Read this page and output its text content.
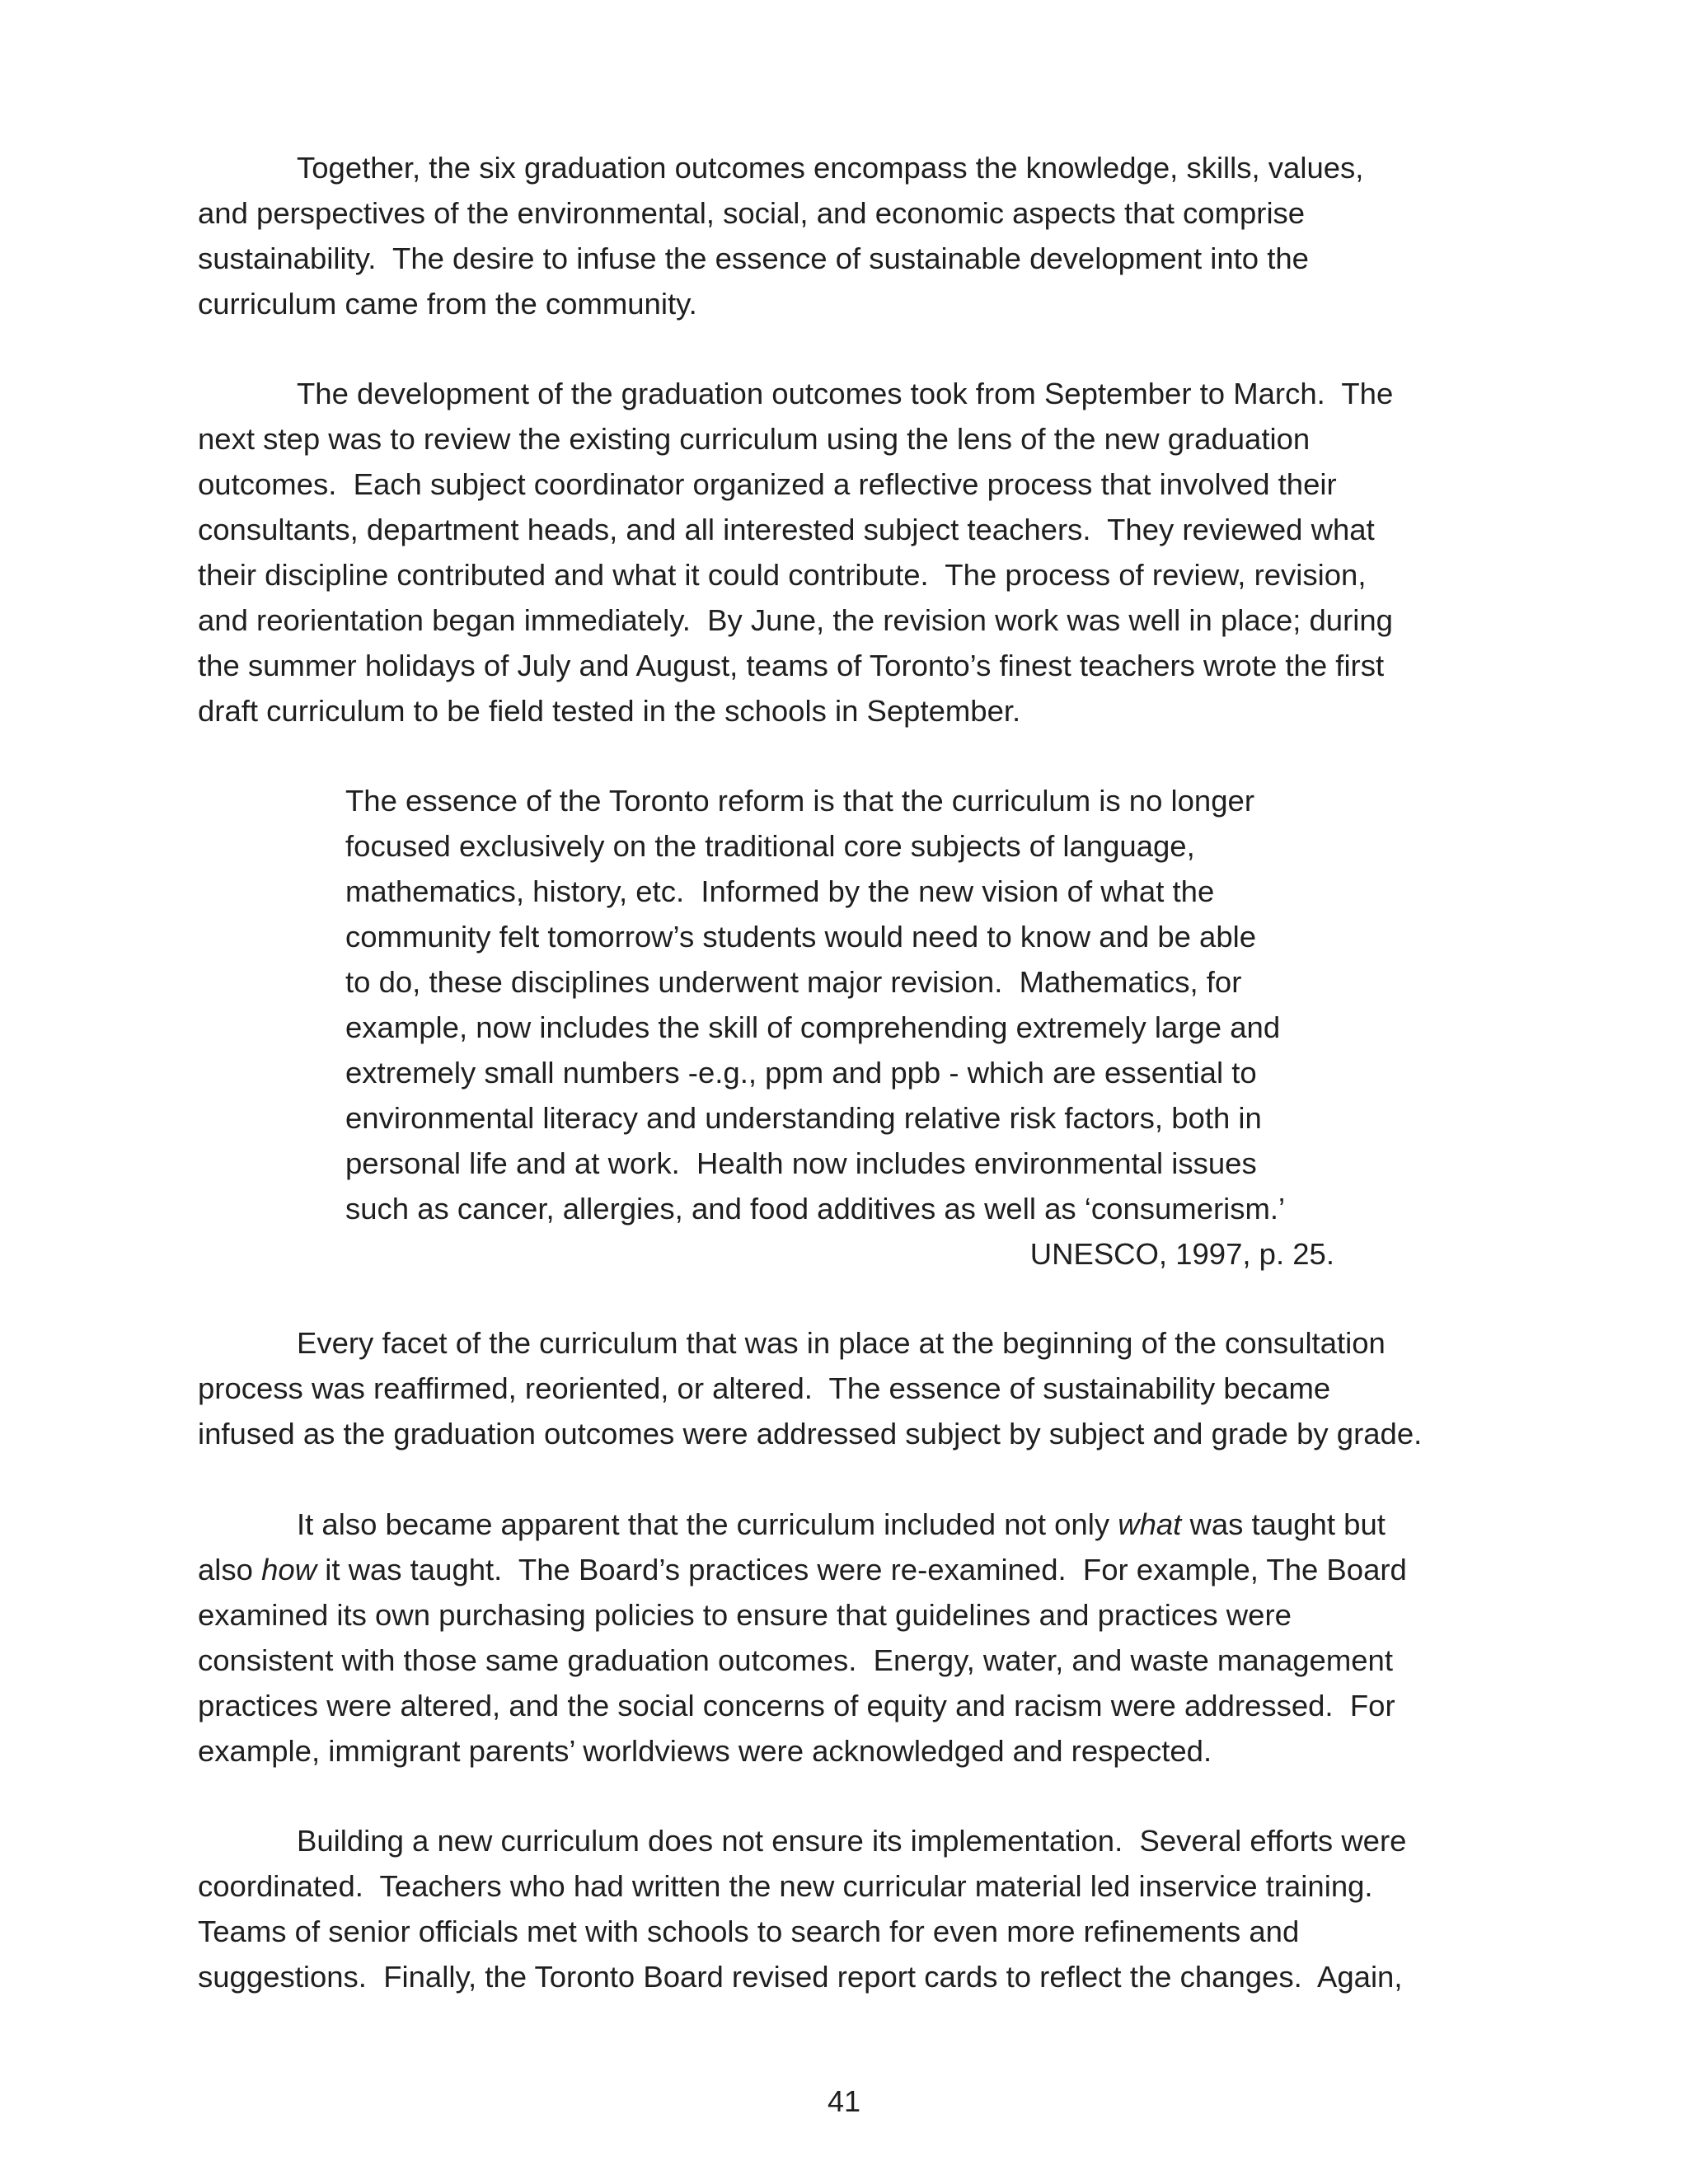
Together, the six graduation outcomes encompass the knowledge, skills, values,
and perspectives of the environmental, social, and economic aspects that comprise
sustainability.  The desire to infuse the essence of sustainable development into the
curriculum came from the community.
The development of the graduation outcomes took from September to March.  The
next step was to review the existing curriculum using the lens of the new graduation
outcomes.  Each subject coordinator organized a reflective process that involved their
consultants, department heads, and all interested subject teachers.  They reviewed what
their discipline contributed and what it could contribute.  The process of review, revision,
and reorientation began immediately.  By June, the revision work was well in place; during
the summer holidays of July and August, teams of Toronto’s finest teachers wrote the first
draft curriculum to be field tested in the schools in September.
The essence of the Toronto reform is that the curriculum is no longer
focused exclusively on the traditional core subjects of language,
mathematics, history, etc.  Informed by the new vision of what the
community felt tomorrow’s students would need to know and be able
to do, these disciplines underwent major revision.  Mathematics, for
example, now includes the skill of comprehending extremely large and
extremely small numbers -e.g., ppm and ppb - which are essential to
environmental literacy and understanding relative risk factors, both in
personal life and at work.  Health now includes environmental issues
such as cancer, allergies, and food additives as well as ‘consumerism.’
UNESCO, 1997, p. 25.
Every facet of the curriculum that was in place at the beginning of the consultation
process was reaffirmed, reoriented, or altered.  The essence of sustainability became
infused as the graduation outcomes were addressed subject by subject and grade by grade.
It also became apparent that the curriculum included not only what was taught but
also how it was taught.  The Board’s practices were re-examined.  For example, The Board
examined its own purchasing policies to ensure that guidelines and practices were
consistent with those same graduation outcomes.  Energy, water, and waste management
practices were altered, and the social concerns of equity and racism were addressed.  For
example, immigrant parents’ worldviews were acknowledged and respected.
Building a new curriculum does not ensure its implementation.  Several efforts were
coordinated.  Teachers who had written the new curricular material led inservice training.
Teams of senior officials met with schools to search for even more refinements and
suggestions.  Finally, the Toronto Board revised report cards to reflect the changes.  Again,
41
